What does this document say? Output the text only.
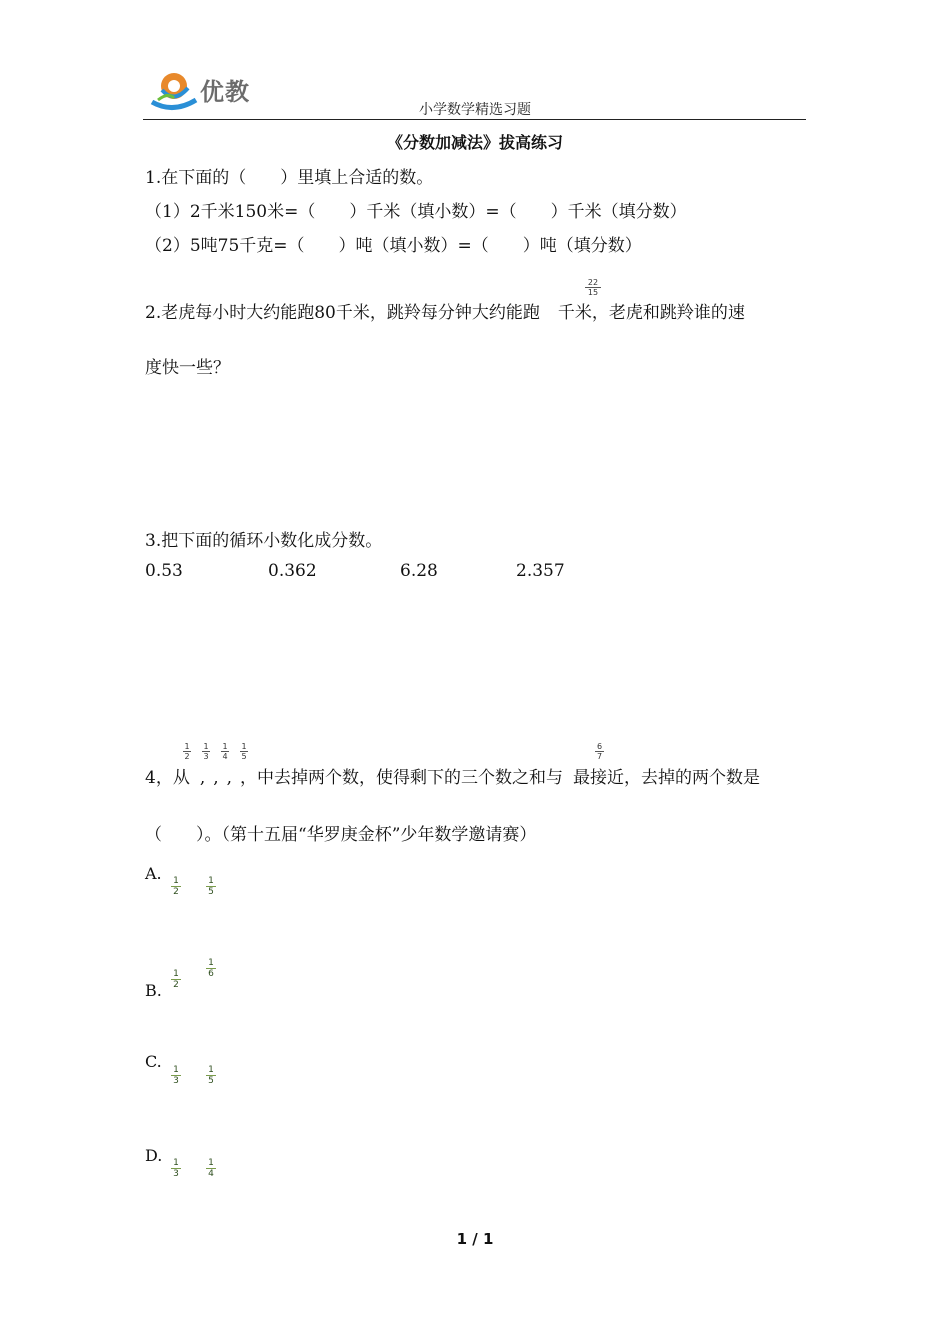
优教
小学数学精选习题
《分数加减法》拔高练习
1.在下面的（　　）里填上合适的数。
（1）2千米150米=（　　）千米（填小数）=（　　）千米（填分数）
（2）5吨75千克=（　　）吨（填小数）=（　　）吨（填分数）
2.老虎每小时大约能跑80千米，跳羚每分钟大约能跑 千米，老虎和跳羚谁的速
$\frac{22}{15}$
度快一些？
3.把下面的循环小数化成分数。
0.53	0.362	6.28	2.357
4，从 , , , ，中去掉两个数，使得剩下的三个数之和与 最接近，去掉的两个数是
$\frac{1}{2} \frac{1}{3} \frac{1}{4} \frac{1}{5}$	$\frac{6}{7}$
（　　）。（第十五届“华罗庚金杯”少年数学邀请赛）
A.
$\frac{1}{2}$	$\frac{1}{5}$
B.
$\frac{1}{2}$
$\frac{1}{6}$
C.
$\frac{1}{3}$	$\frac{1}{5}$
D.
$\frac{1}{3}$	$\frac{1}{4}$
1 / 1
